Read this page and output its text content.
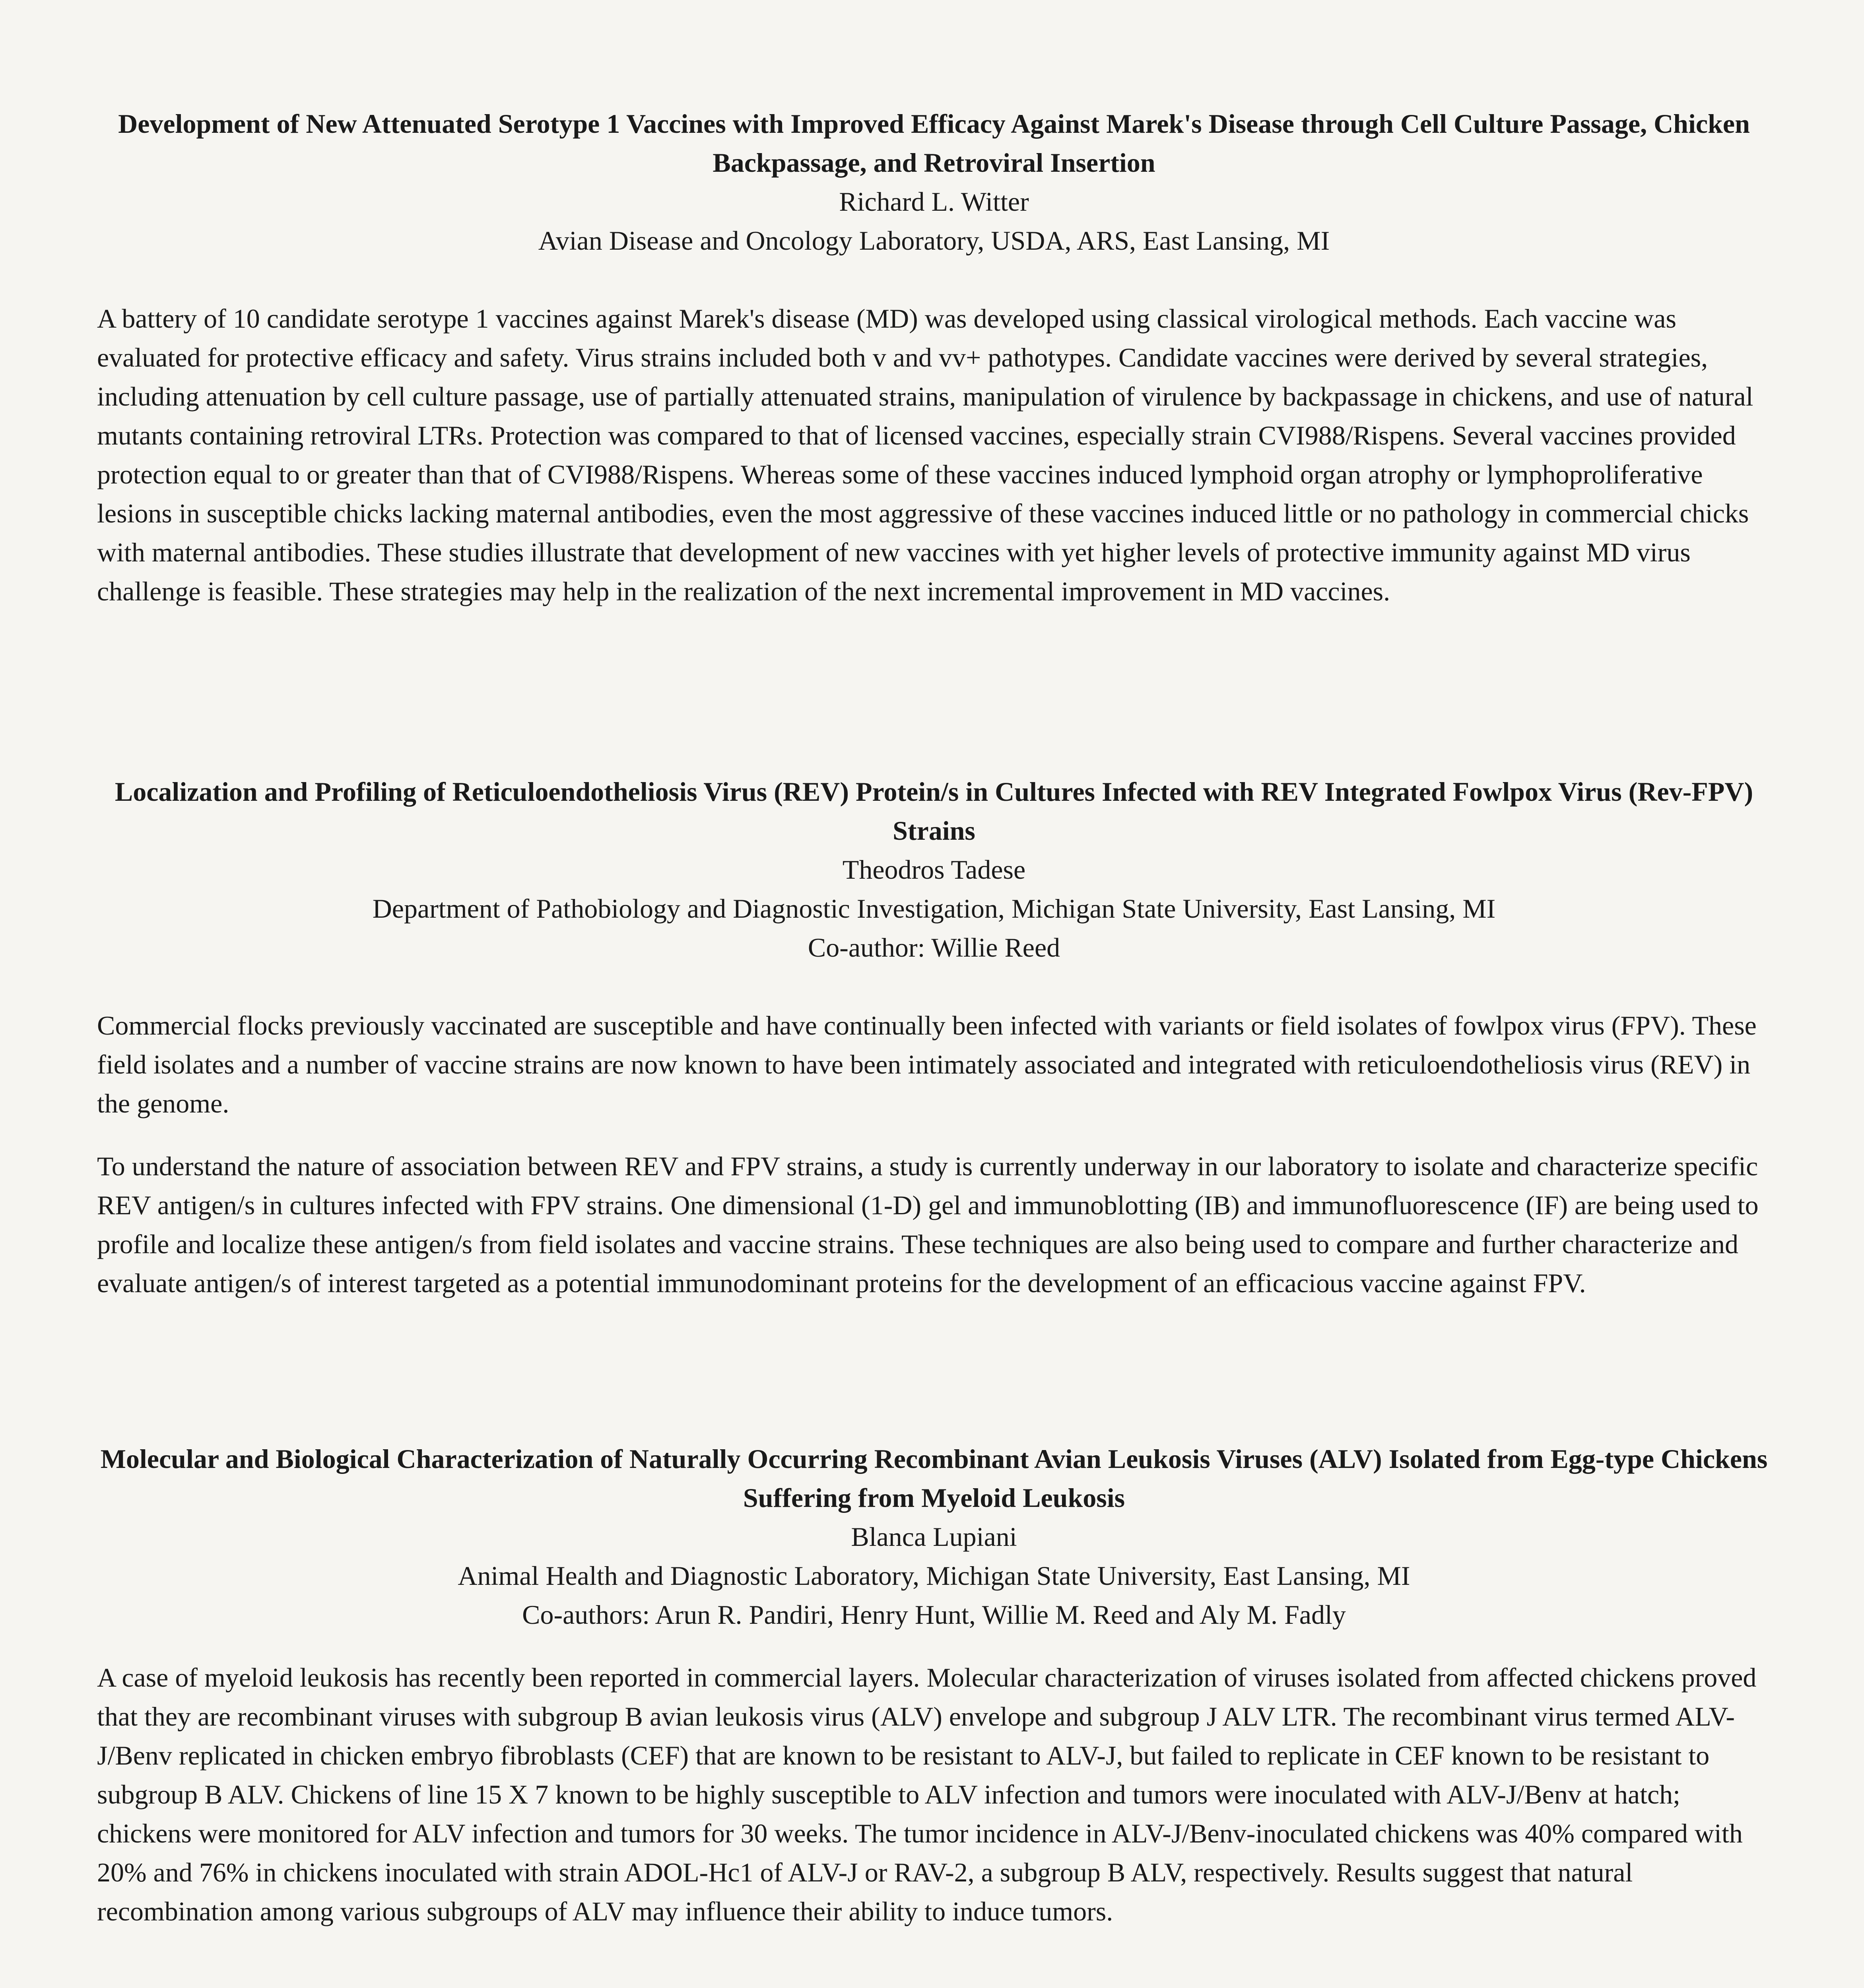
Development of New Attenuated Serotype 1 Vaccines with Improved Efficacy Against Marek's Disease through Cell Culture Passage, Chicken Backpassage, and Retroviral Insertion

Richard L. Witter

Avian Disease and Oncology Laboratory, USDA, ARS, East Lansing, MI

A battery of 10 candidate serotype 1 vaccines against Marek's disease (MD) was developed using classical virological methods. Each vaccine was evaluated for protective efficacy and safety. Virus strains included both v and vv+ pathotypes. Candidate vaccines were derived by several strategies, including attenuation by cell culture passage, use of partially attenuated strains, manipulation of virulence by backpassage in chickens, and use of natural mutants containing retroviral LTRs. Protection was compared to that of licensed vaccines, especially strain CVI988/Rispens. Several vaccines provided protection equal to or greater than that of CVI988/Rispens. Whereas some of these vaccines induced lymphoid organ atrophy or lymphoproliferative lesions in susceptible chicks lacking maternal antibodies, even the most aggressive of these vaccines induced little or no pathology in commercial chicks with maternal antibodies. These studies illustrate that development of new vaccines with yet higher levels of protective immunity against MD virus challenge is feasible. These strategies may help in the realization of the next incremental improvement in MD vaccines.

Localization and Profiling of Reticuloendotheliosis Virus (REV) Protein/s in Cultures Infected with REV Integrated Fowlpox Virus (Rev-FPV) Strains

Theodros Tadese

Department of Pathobiology and Diagnostic Investigation, Michigan State University, East Lansing, MI

Co-author: Willie Reed

Commercial flocks previously vaccinated are susceptible and have continually been infected with variants or field isolates of fowlpox virus (FPV). These field isolates and a number of vaccine strains are now known to have been intimately associated and integrated with reticuloendotheliosis virus (REV) in the genome.

To understand the nature of association between REV and FPV strains, a study is currently underway in our laboratory to isolate and characterize specific REV antigen/s in cultures infected with FPV strains. One dimensional (1-D) gel and immunoblotting (IB) and immunofluorescence (IF) are being used to profile and localize these antigen/s from field isolates and vaccine strains. These techniques are also being used to compare and further characterize and evaluate antigen/s of interest targeted as a potential immunodominant proteins for the development of an efficacious vaccine against FPV.

Molecular and Biological Characterization of Naturally Occurring Recombinant Avian Leukosis Viruses (ALV) Isolated from Egg-type Chickens Suffering from Myeloid Leukosis

Blanca Lupiani

Animal Health and Diagnostic Laboratory, Michigan State University, East Lansing, MI

Co-authors: Arun R. Pandiri, Henry Hunt, Willie M. Reed and Aly M. Fadly

A case of myeloid leukosis has recently been reported in commercial layers. Molecular characterization of viruses isolated from affected chickens proved that they are recombinant viruses with subgroup B avian leukosis virus (ALV) envelope and subgroup J ALV LTR. The recombinant virus termed ALV-J/Benv replicated in chicken embryo fibroblasts (CEF) that are known to be resistant to ALV-J, but failed to replicate in CEF known to be resistant to subgroup B ALV. Chickens of line 15 X 7 known to be highly susceptible to ALV infection and tumors were inoculated with ALV-J/Benv at hatch; chickens were monitored for ALV infection and tumors for 30 weeks. The tumor incidence in ALV-J/Benv-inoculated chickens was 40% compared with 20% and 76% in chickens inoculated with strain ADOL-Hc1 of ALV-J or RAV-2, a subgroup B ALV, respectively. Results suggest that natural recombination among various subgroups of ALV may influence their ability to induce tumors.
